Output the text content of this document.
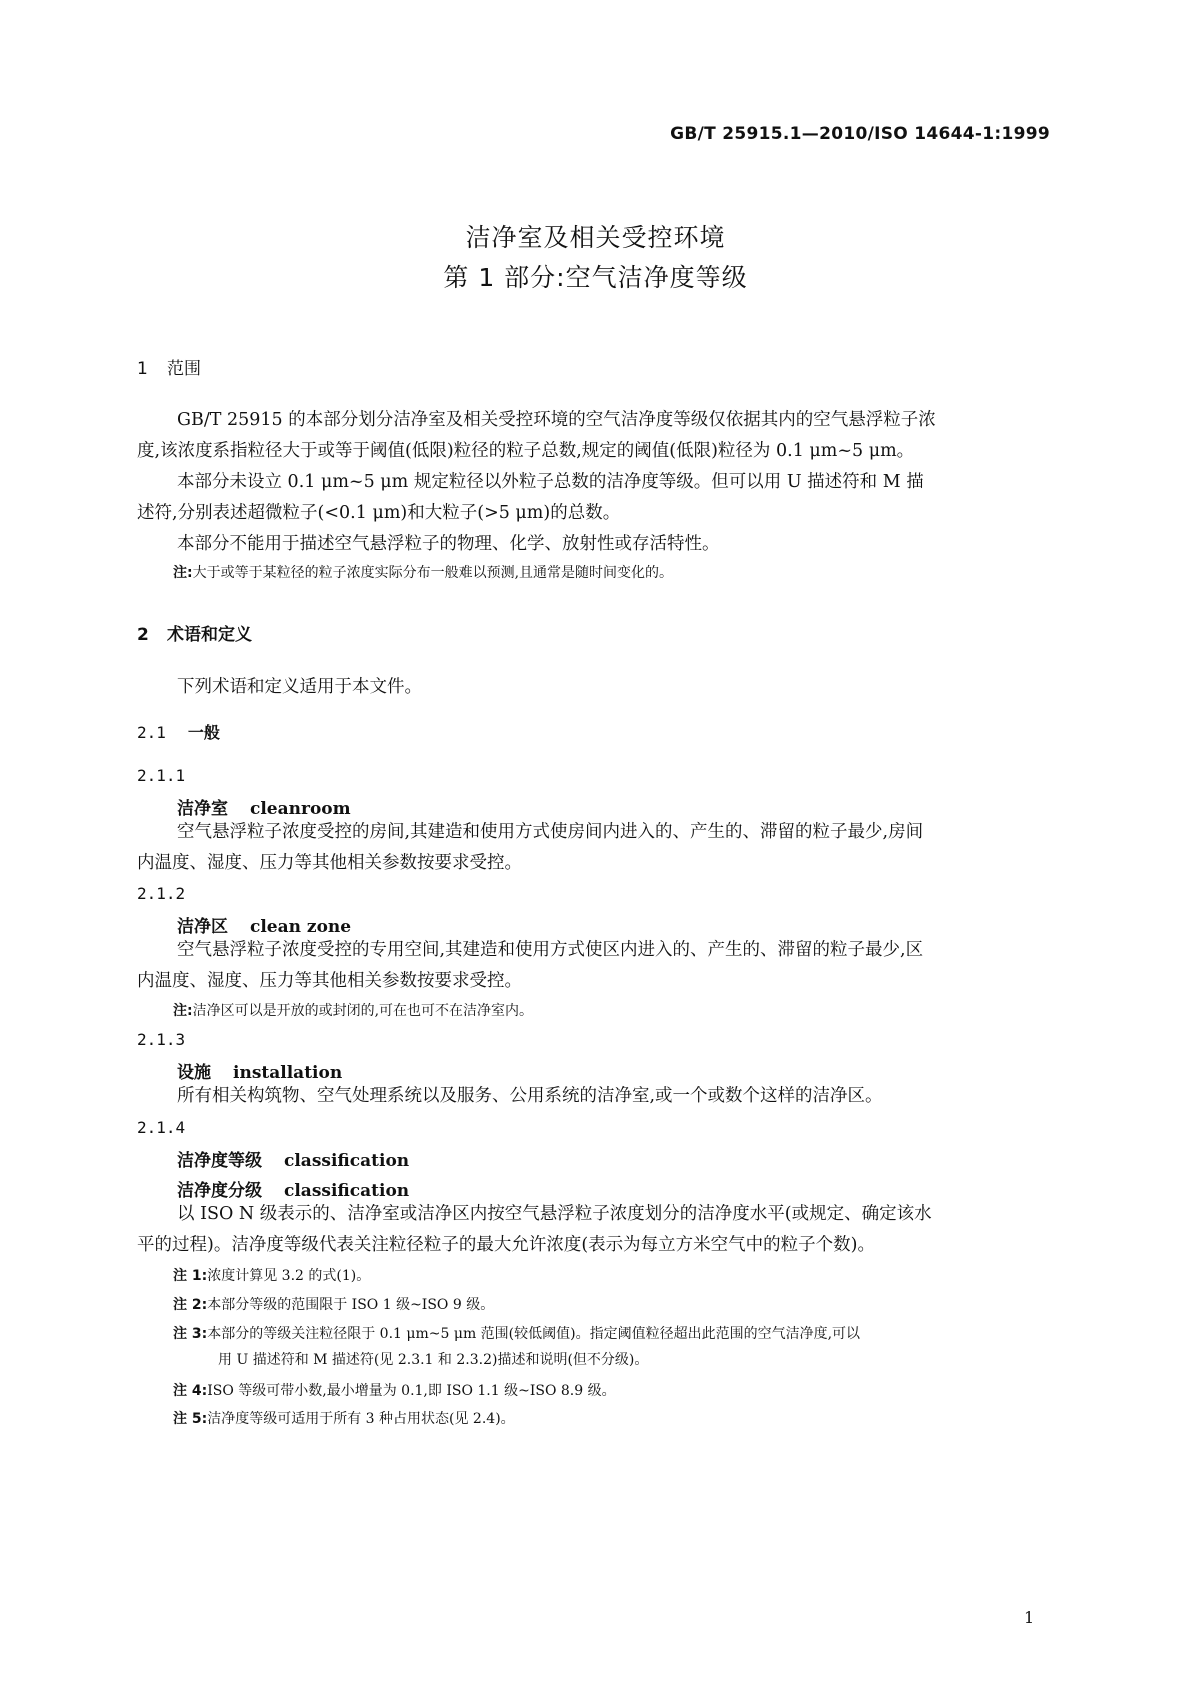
GB/T 25915.1—2010/ISO 14644-1:1999
洁净室及相关受控环境
第 1 部分:空气洁净度等级
1 范围

GB/T 25915 的本部分划分洁净室及相关受控环境的空气洁净度等级仅依据其内的空气悬浮粒子浓

度,该浓度系指粒径大于或等于阈值(低限)粒径的粒子总数,规定的阈值(低限)粒径为 0.1 μm~5 μm。

本部分未设立 0.1 μm~5 μm 规定粒径以外粒子总数的洁净度等级。但可以用 U 描述符和 M 描

述符,分别表述超微粒子(<0.1 μm)和大粒子(>5 μm)的总数。

本部分不能用于描述空气悬浮粒子的物理、化学、放射性或存活特性。

注:大于或等于某粒径的粒子浓度实际分布一般难以预测,且通常是随时间变化的。
2 术语和定义

下列术语和定义适用于本文件。

2.1 一般
2.1.1
洁净室 cleanroom

空气悬浮粒子浓度受控的房间,其建造和使用方式使房间内进入的、产生的、滞留的粒子最少,房间

内温度、湿度、压力等其他相关参数按要求受控。
2.1.2
洁净区 clean zone

空气悬浮粒子浓度受控的专用空间,其建造和使用方式使区内进入的、产生的、滞留的粒子最少,区

内温度、湿度、压力等其他相关参数按要求受控。
注:洁净区可以是开放的或封闭的,可在也可不在洁净室内。
2.1.3
设施 installation

所有相关构筑物、空气处理系统以及服务、公用系统的洁净室,或一个或数个这样的洁净区。

2.1.4
洁净度等级 classification
洁净度分级 classification

以 ISO N 级表示的、洁净室或洁净区内按空气悬浮粒子浓度划分的洁净度水平(或规定、确定该水

平的过程)。洁净度等级代表关注粒径粒子的最大允许浓度(表示为每立方米空气中的粒子个数)。
注 1:浓度计算见 3.2 的式(1)。
注 2:本部分等级的范围限于 ISO 1 级~ISO 9 级。
注 3:本部分的等级关注粒径限于 0.1 μm~5 μm 范围(较低阈值)。指定阈值粒径超出此范围的空气洁净度,可以
用 U 描述符和 M 描述符(见 2.3.1 和 2.3.2)描述和说明(但不分级)。
注 4:ISO 等级可带小数,最小增量为 0.1,即 ISO 1.1 级~ISO 8.9 级。
注 5:洁净度等级可适用于所有 3 种占用状态(见 2.4)。
1
